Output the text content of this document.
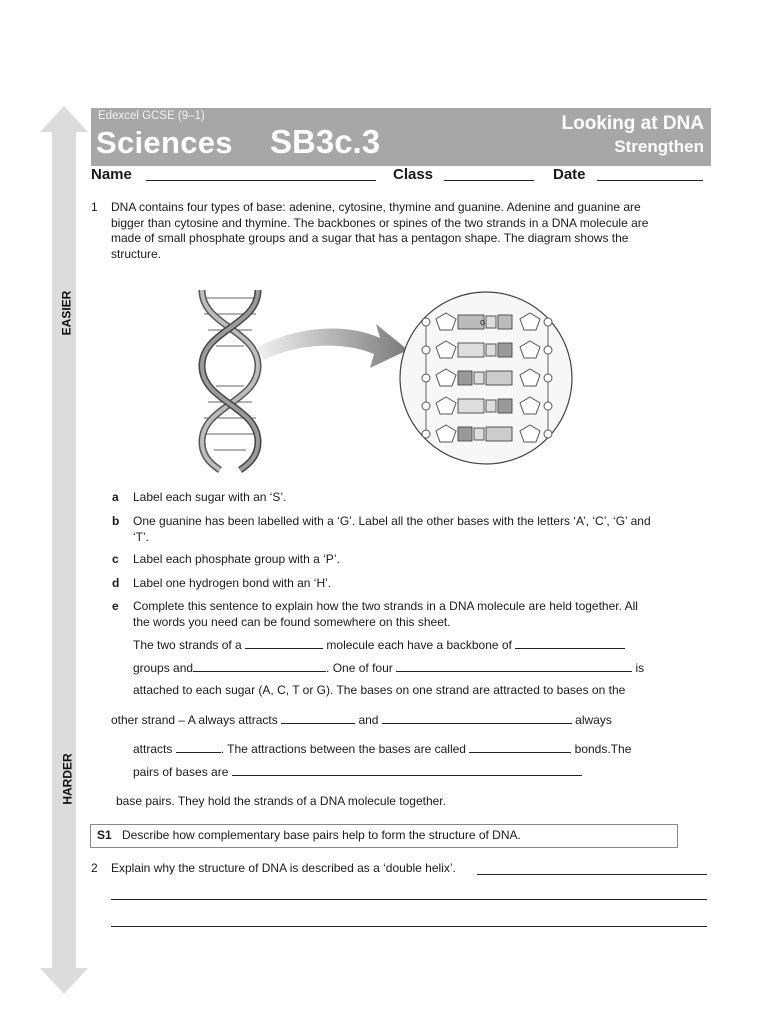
EASIER
HARDER
Edexcel GCSE (9–1)
Sciences SB3c.3	Looking at DNA
Strengthen
Name	Class	Date
1 DNA contains four types of base: adenine, cytosine, thymine and guanine. Adenine and guanine are
bigger than cytosine and thymine. The backbones or spines of the two strands in a DNA molecule are
made of small phosphate groups and a sugar that has a pentagon shape. The diagram shows the
structure.
G
a Label each sugar with an ‘S’.
b One guanine has been labelled with a ‘G’. Label all the other bases with the letters ‘A’, ‘C’, ‘G’ and
‘T’.
c Label each phosphate group with a ‘P’.
d Label one hydrogen bond with an ‘H’.
e Complete this sentence to explain how the two strands in a DNA molecule are held together. All
the words you need can be found somewhere on this sheet.
The two strands of a	molecule each have a backbone of
groups and	. One of four	is
attached to each sugar (A, C, T or G). The bases on one strand are attracted to bases on the
other strand – A always attracts	and	always
attracts	. The attractions between the bases are called	bonds.The
pairs of bases are
base pairs. They hold the strands of a DNA molecule together.
S1 Describe how complementary base pairs help to form the structure of DNA.
2 Explain why the structure of DNA is described as a ‘double helix’.
